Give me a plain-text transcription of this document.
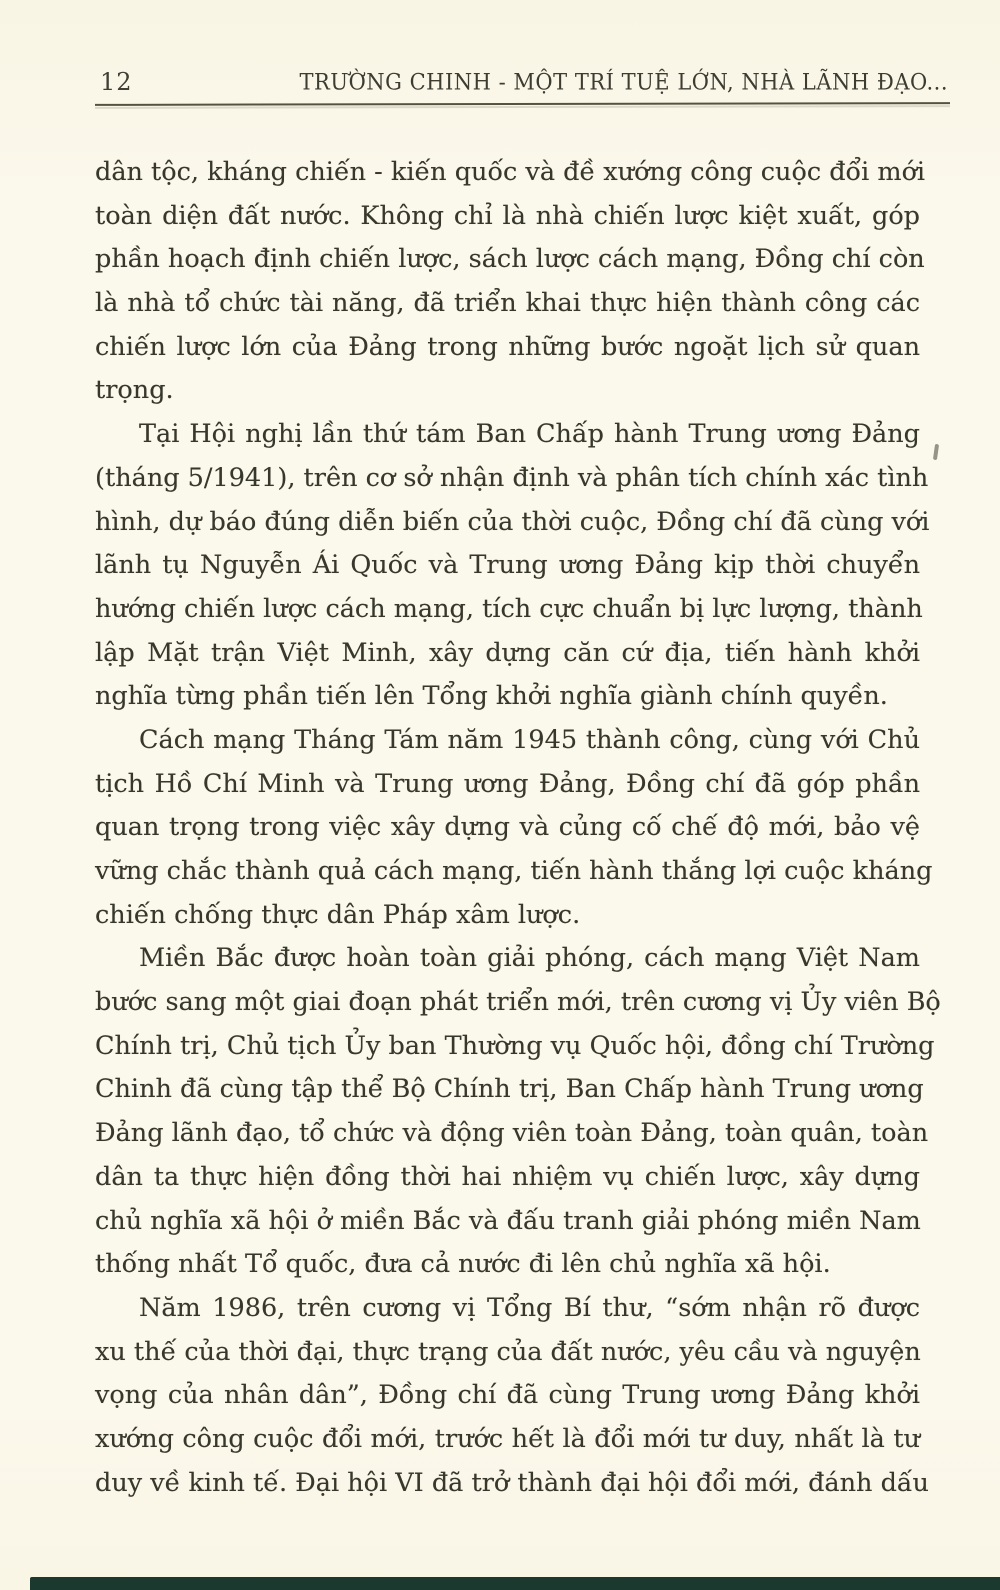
12	TRƯỜNG CHINH - MỘT TRÍ TUỆ LỚN, NHÀ LÃNH ĐẠO...
dân tộc, kháng chiến - kiến quốc và đề xướng công cuộc đổi mới
toàn diện đất nước. Không chỉ là nhà chiến lược kiệt xuất, góp
phần hoạch định chiến lược, sách lược cách mạng, Đồng chí còn
là nhà tổ chức tài năng, đã triển khai thực hiện thành công các
chiến lược lớn của Đảng trong những bước ngoặt lịch sử quan
trọng.
Tại Hội nghị lần thứ tám Ban Chấp hành Trung ương Đảng
(tháng 5/1941), trên cơ sở nhận định và phân tích chính xác tình
hình, dự báo đúng diễn biến của thời cuộc, Đồng chí đã cùng với
lãnh tụ Nguyễn Ái Quốc và Trung ương Đảng kịp thời chuyển
hướng chiến lược cách mạng, tích cực chuẩn bị lực lượng, thành
lập Mặt trận Việt Minh, xây dựng căn cứ địa, tiến hành khởi
nghĩa từng phần tiến lên Tổng khởi nghĩa giành chính quyền.
Cách mạng Tháng Tám năm 1945 thành công, cùng với Chủ
tịch Hồ Chí Minh và Trung ương Đảng, Đồng chí đã góp phần
quan trọng trong việc xây dựng và củng cố chế độ mới, bảo vệ
vững chắc thành quả cách mạng, tiến hành thắng lợi cuộc kháng
chiến chống thực dân Pháp xâm lược.
Miền Bắc được hoàn toàn giải phóng, cách mạng Việt Nam
bước sang một giai đoạn phát triển mới, trên cương vị Ủy viên Bộ
Chính trị, Chủ tịch Ủy ban Thường vụ Quốc hội, đồng chí Trường
Chinh đã cùng tập thể Bộ Chính trị, Ban Chấp hành Trung ương
Đảng lãnh đạo, tổ chức và động viên toàn Đảng, toàn quân, toàn
dân ta thực hiện đồng thời hai nhiệm vụ chiến lược, xây dựng
chủ nghĩa xã hội ở miền Bắc và đấu tranh giải phóng miền Nam
thống nhất Tổ quốc, đưa cả nước đi lên chủ nghĩa xã hội.
Năm 1986, trên cương vị Tổng Bí thư, “sớm nhận rõ được
xu thế của thời đại, thực trạng của đất nước, yêu cầu và nguyện
vọng của nhân dân”, Đồng chí đã cùng Trung ương Đảng khởi
xướng công cuộc đổi mới, trước hết là đổi mới tư duy, nhất là tư
duy về kinh tế. Đại hội VI đã trở thành đại hội đổi mới, đánh dấu
